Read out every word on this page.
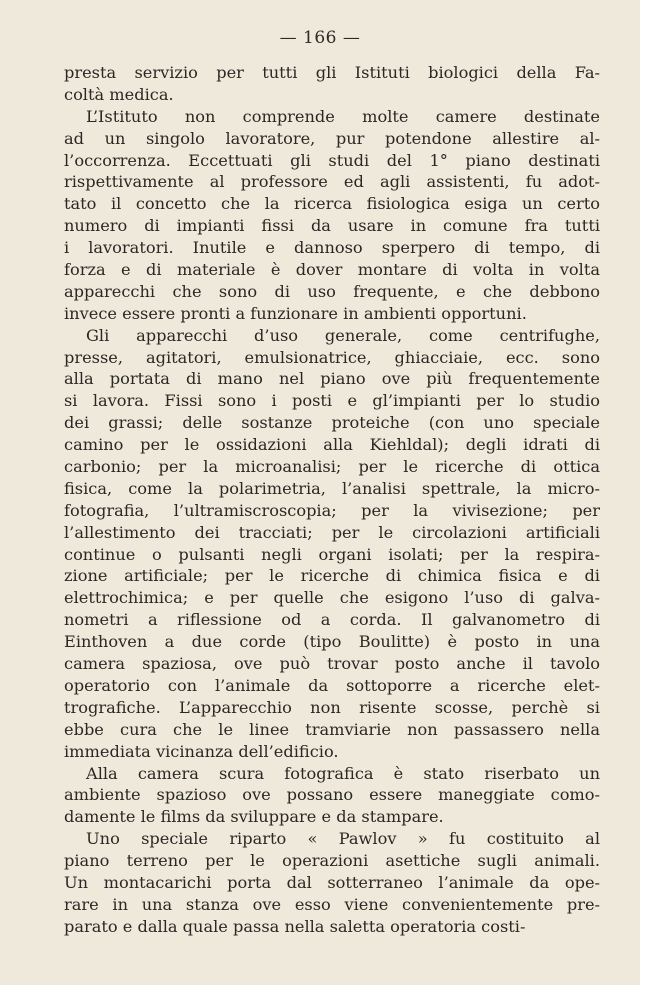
— 166 —
presta servizio per tutti gli Istituti biologici della Fa-
coltà medica.
L’Istituto non comprende molte camere destinate
ad un singolo lavoratore, pur potendone allestire al-
l’occorrenza. Eccettuati gli studi del 1° piano destinati
rispettivamente al professore ed agli assistenti, fu adot-
tato il concetto che la ricerca fisiologica esiga un certo
numero di impianti fissi da usare in comune fra tutti
i lavoratori. Inutile e dannoso sperpero di tempo, di
forza e di materiale è dover montare di volta in volta
apparecchi che sono di uso frequente, e che debbono
invece essere pronti a funzionare in ambienti opportuni.
Gli apparecchi d’uso generale, come centrifughe,
presse, agitatori, emulsionatrice, ghiacciaie, ecc. sono
alla portata di mano nel piano ove più frequentemente
si lavora. Fissi sono i posti e gl’impianti per lo studio
dei grassi; delle sostanze proteiche (con uno speciale
camino per le ossidazioni alla Kiehldal); degli idrati di
carbonio; per la microanalisi; per le ricerche di ottica
fisica, come la polarimetria, l’analisi spettrale, la micro-
fotografia, l’ultramiscroscopia; per la vivisezione; per
l’allestimento dei tracciati; per le circolazioni artificiali
continue o pulsanti negli organi isolati; per la respira-
zione artificiale; per le ricerche di chimica fisica e di
elettrochimica; e per quelle che esigono l’uso di galva-
nometri a riflessione od a corda. Il galvanometro di
Einthoven a due corde (tipo Boulitte) è posto in una
camera spaziosa, ove può trovar posto anche il tavolo
operatorio con l’animale da sottoporre a ricerche elet-
trografiche. L’apparecchio non risente scosse, perchè si
ebbe cura che le linee tramviarie non passassero nella
immediata vicinanza dell’edificio.
Alla camera scura fotografica è stato riserbato un
ambiente spazioso ove possano essere maneggiate como-
damente le films da sviluppare e da stampare.
Uno speciale riparto « Pawlov » fu costituito al
piano terreno per le operazioni asettiche sugli animali.
Un montacarichi porta dal sotterraneo l’animale da ope-
rare in una stanza ove esso viene convenientemente pre-
parato e dalla quale passa nella saletta operatoria costi-
